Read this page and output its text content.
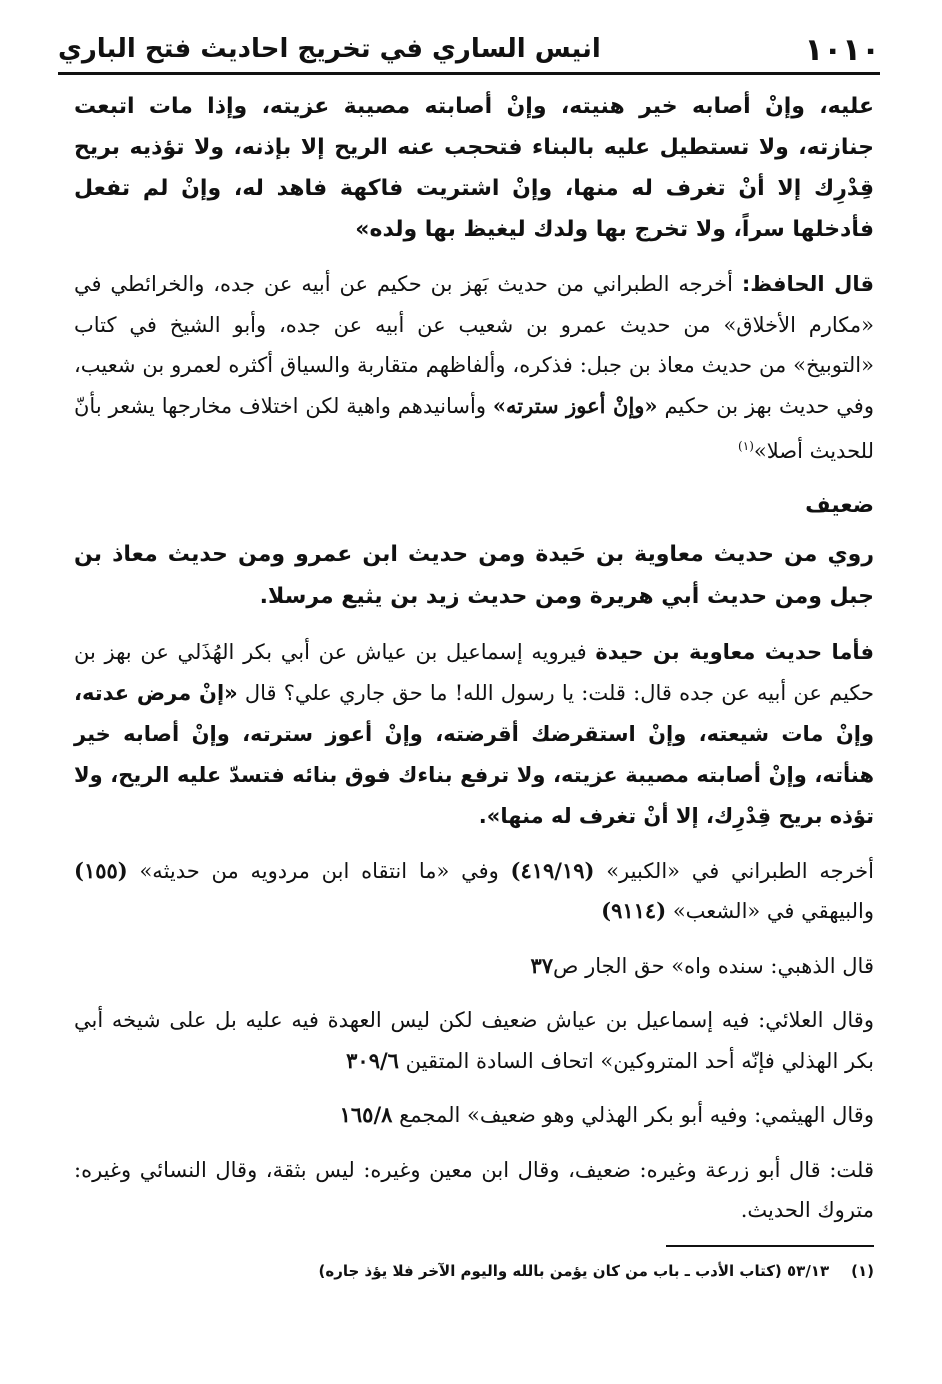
١٠١٠
انيس الساري في تخريج احاديث فتح الباري

عليه، وإنْ أصابه خير هنيته، وإنْ أصابته مصيبة عزيته، وإذا مات اتبعت جنازته، ولا تستطيل عليه بالبناء فتحجب عنه الريح إلا بإذنه، ولا تؤذيه بريح قِدْرِك إلا أنْ تغرف له منها، وإنْ اشتريت فاكهة فاهد له، وإنْ لم تفعل فأدخلها سراً، ولا تخرج بها ولدك ليغيظ بها ولده»

قال الحافظ: أخرجه الطبراني من حديث بَهز بن حكيم عن أبيه عن جده، والخرائطي في «مكارم الأخلاق» من حديث عمرو بن شعيب عن أبيه عن جده، وأبو الشيخ في كتاب «التوبيخ» من حديث معاذ بن جبل: فذكره، وألفاظهم متقاربة والسياق أكثره لعمرو بن شعيب، وفي حديث بهز بن حكيم «وإنْ أعوز سترته» وأسانيدهم واهية لكن اختلاف مخارجها يشعر بأنّ للحديث أصلا»$^{(١)}$

ضعيف

روي من حديث معاوية بن حَيدة ومن حديث ابن عمرو ومن حديث معاذ بن جبل ومن حديث أبي هريرة ومن حديث زيد بن يثيع مرسلا.

فأما حديث معاوية بن حيدة فيرويه إسماعيل بن عياش عن أبي بكر الهُذَلي عن بهز بن حكيم عن أبيه عن جده قال: قلت: يا رسول الله! ما حق جاري علي؟ قال «إنْ مرض عدته، وإنْ مات شيعته، وإنْ استقرضك أقرضته، وإنْ أعوز سترته، وإنْ أصابه خير هنأته، وإنْ أصابته مصيبة عزيته، ولا ترفع بناءك فوق بنائه فتسدّ عليه الريح، ولا تؤذه بريح قِدْرِك، إلا أنْ تغرف له منها».

أخرجه الطبراني في «الكبير» (٤١٩/١٩) وفي «ما انتقاه ابن مردويه من حديثه» (١٥٥) والبيهقي في «الشعب» (٩١١٤)

قال الذهبي: سنده واه» حق الجار ص٣٧

وقال العلائي: فيه إسماعيل بن عياش ضعيف لكن ليس العهدة فيه عليه بل على شيخه أبي بكر الهذلي فإنّه أحد المتروكين» اتحاف السادة المتقين ٣٠٩/٦

وقال الهيثمي: وفيه أبو بكر الهذلي وهو ضعيف» المجمع ١٦٥/٨

قلت: قال أبو زرعة وغيره: ضعيف، وقال ابن معين وغيره: ليس بثقة، وقال النسائي وغيره: متروك الحديث.

(١)٥٣/١٣ (كتاب الأدب ـ باب من كان يؤمن بالله واليوم الآخر فلا يؤذ جاره)
